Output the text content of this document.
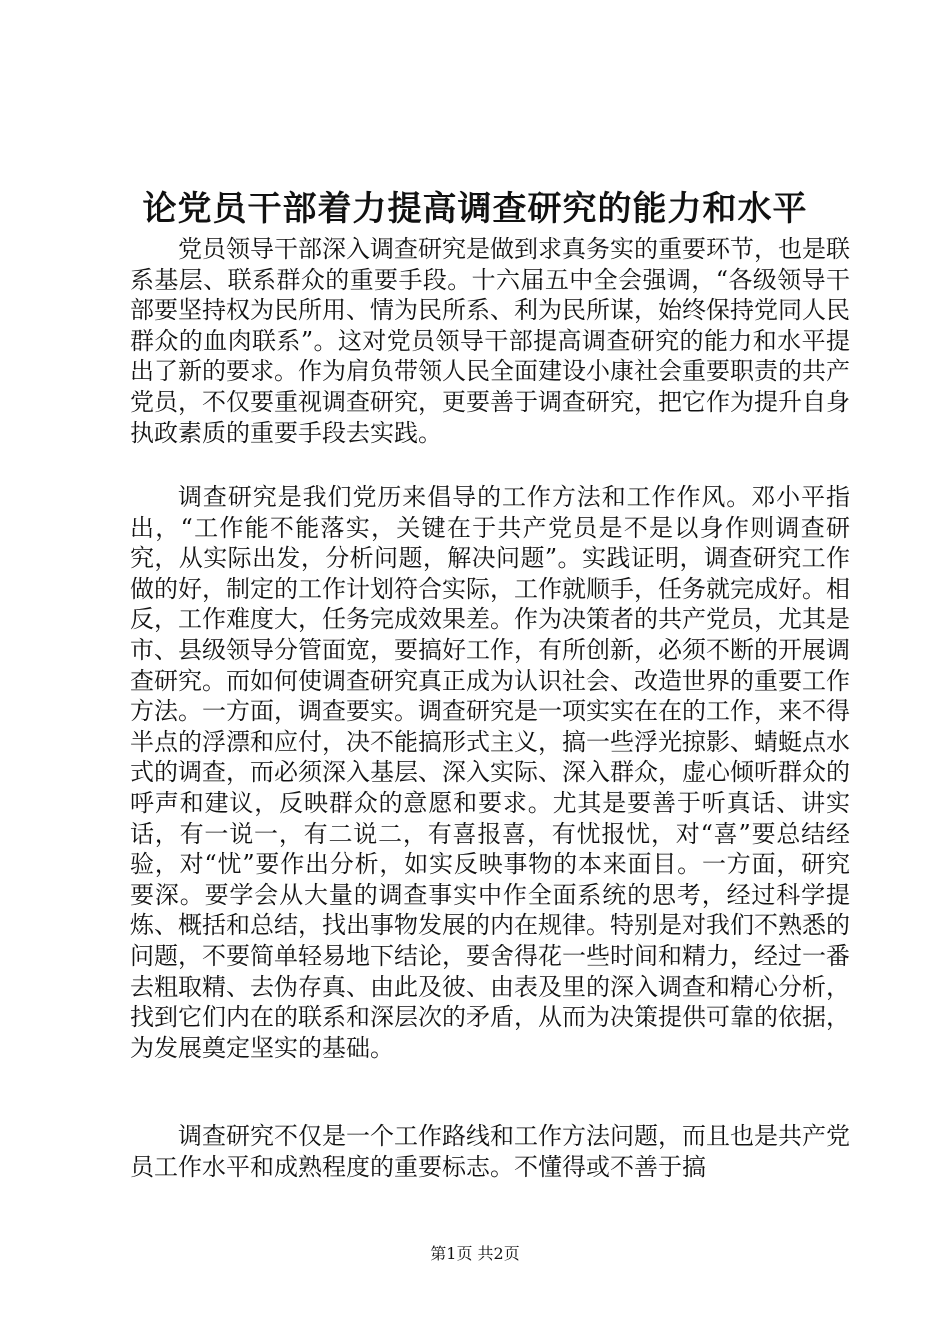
论党员干部着力提高调查研究的能力和水平

党员领导干部深入调查研究是做到求真务实的重要环节，也是联系基层、联系群众的重要手段。十六届五中全会强调，“各级领导干部要坚持权为民所用、情为民所系、利为民所谋，始终保持党同人民群众的血肉联系”。这对党员领导干部提高调查研究的能力和水平提出了新的要求。作为肩负带领人民全面建设小康社会重要职责的共产党员，不仅要重视调查研究，更要善于调查研究，把它作为提升自身执政素质的重要手段去实践。

调查研究是我们党历来倡导的工作方法和工作作风。邓小平指出，“工作能不能落实，关键在于共产党员是不是以身作则调查研究，从实际出发，分析问题，解决问题”。实践证明，调查研究工作做的好，制定的工作计划符合实际，工作就顺手，任务就完成好。相反，工作难度大，任务完成效果差。作为决策者的共产党员，尤其是市、县级领导分管面宽，要搞好工作，有所创新，必须不断的开展调查研究。而如何使调查研究真正成为认识社会、改造世界的重要工作方法。一方面，调查要实。调查研究是一项实实在在的工作，来不得半点的浮漂和应付，决不能搞形式主义，搞一些浮光掠影、蜻蜓点水式的调查，而必须深入基层、深入实际、深入群众，虚心倾听群众的呼声和建议，反映群众的意愿和要求。尤其是要善于听真话、讲实话，有一说一，有二说二，有喜报喜，有忧报忧，对“喜”要总结经验，对“忧”要作出分析，如实反映事物的本来面目。一方面，研究要深。要学会从大量的调查事实中作全面系统的思考，经过科学提炼、概括和总结，找出事物发展的内在规律。特别是对我们不熟悉的问题，不要简单轻易地下结论，要舍得花一些时间和精力，经过一番去粗取精、去伪存真、由此及彼、由表及里的深入调查和精心分析，找到它们内在的联系和深层次的矛盾，从而为决策提供可靠的依据，为发展奠定坚实的基础。

调查研究不仅是一个工作路线和工作方法问题，而且也是共产党员工作水平和成熟程度的重要标志。不懂得或不善于搞

第1页 共2页
